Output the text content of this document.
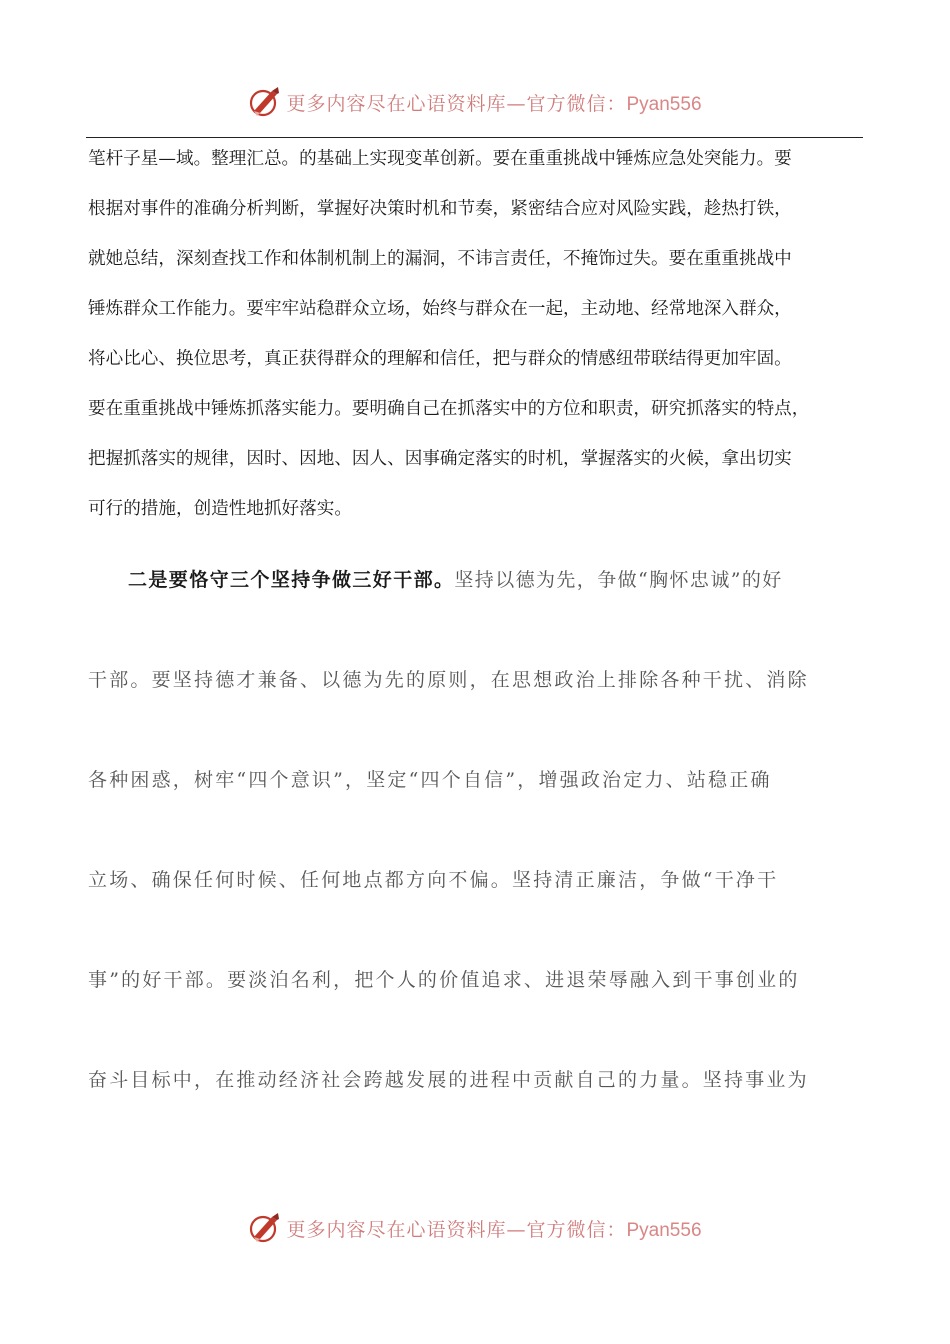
更多内容尽在心语资料库—官方微信：Pyan556
笔杆子星—域。整理汇总。的基础上实现变革创新。要在重重挑战中锤炼应急处突能力。要
根据对事件的准确分析判断，掌握好决策时机和节奏，紧密结合应对风险实践，趁热打铁，
就她总结，深刻查找工作和体制机制上的漏洞，不讳言责任，不掩饰过失。要在重重挑战中
锤炼群众工作能力。要牢牢站稳群众立场，始终与群众在一起，主动地、经常地深入群众，
将心比心、换位思考，真正获得群众的理解和信任，把与群众的情感纽带联结得更加牢固。
要在重重挑战中锤炼抓落实能力。要明确自己在抓落实中的方位和职责，研究抓落实的特点，
把握抓落实的规律，因时、因地、因人、因事确定落实的时机，掌握落实的火候，拿出切实
可行的措施，创造性地抓好落实。
二是要恪守三个坚持争做三好干部。坚持以德为先，争做“胸怀忠诚”的好
干部。要坚持德才兼备、以德为先的原则，在思想政治上排除各种干扰、消除
各种困惑，树牢“四个意识”，坚定“四个自信”，增强政治定力、站稳正确
立场、确保任何时候、任何地点都方向不偏。坚持清正廉洁，争做“干净干
事”的好干部。要淡泊名利，把个人的价值追求、进退荣辱融入到干事创业的
奋斗目标中，在推动经济社会跨越发展的进程中贡献自己的力量。坚持事业为
更多内容尽在心语资料库—官方微信：Pyan556
